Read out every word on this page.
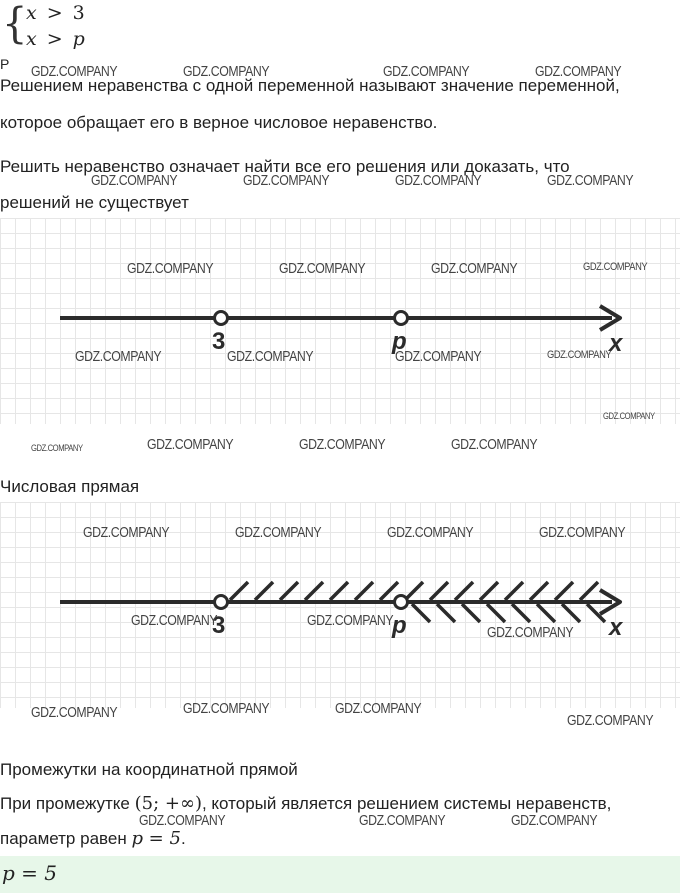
{
x > 3
x > p
Р
Решением неравенства с одной переменной называют значение переменной,
которое обращает его в верное числовое неравенство.
Решить неравенство означает найти все его решения или доказать, что
решений не существует
3	p	x
Числовая прямая
3	p	x
Промежутки на координатной прямой
При промежутке (5; +∞), который является решением системы неравенств,
параметр равен p = 5.
p = 5
GDZ.COMPANY	GDZ.COMPANY	GDZ.COMPANY	GDZ.COMPANY
GDZ.COMPANY	GDZ.COMPANY	GDZ.COMPANY	GDZ.COMPANY
GDZ.COMPANY	GDZ.COMPANY	GDZ.COMPANY	GDZ.COMPANY
GDZ.COMPANY	GDZ.COMPANY	GDZ.COMPANY	GDZ.COMPANY
GDZ.COMPANY
GDZ.COMPANY	GDZ.COMPANY	GDZ.COMPANY	GDZ.COMPANY
GDZ.COMPANY	GDZ.COMPANY	GDZ.COMPANY	GDZ.COMPANY
GDZ.COMPANY	GDZ.COMPANY
GDZ.COMPANY
GDZ.COMPANY	GDZ.COMPANY	GDZ.COMPANY
GDZ.COMPANY
GDZ.COMPANY	GDZ.COMPANY	GDZ.COMPANY
